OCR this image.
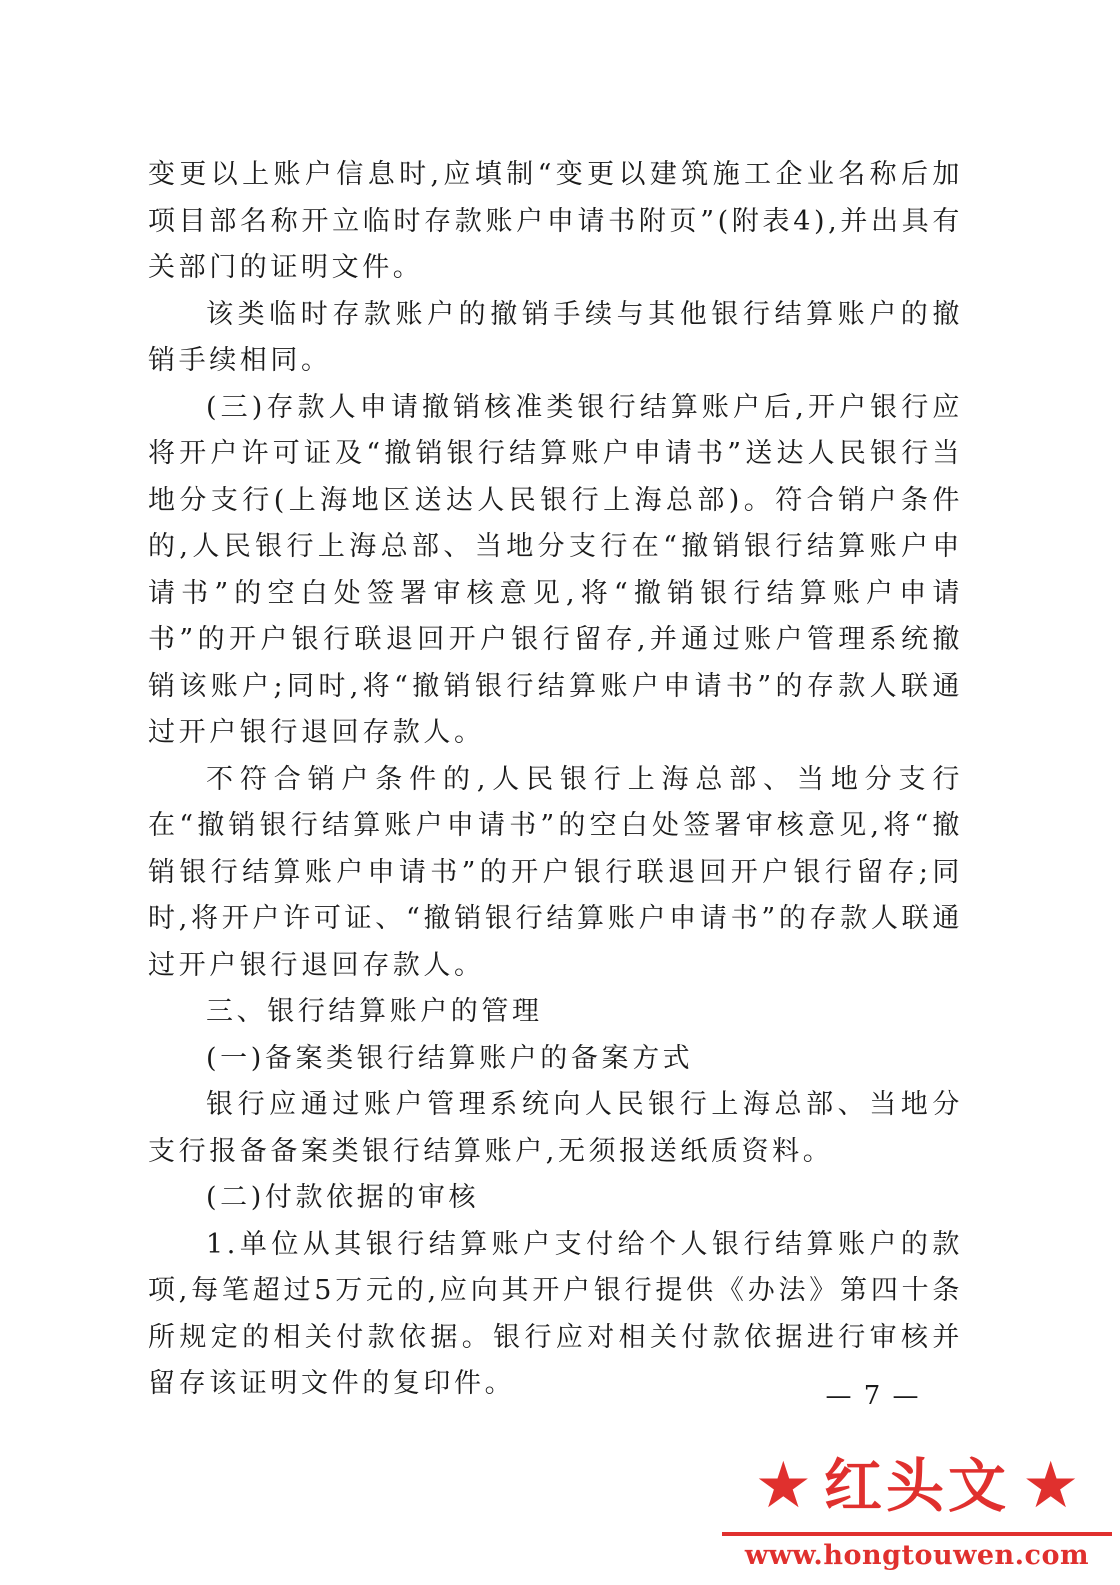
变更以上账户信息时,应填制“变更以建筑施工企业名称后加项目部名称开立临时存款账户申请书附页”(附表4),并出具有关部门的证明文件。

该类临时存款账户的撤销手续与其他银行结算账户的撤销手续相同。

(三)存款人申请撤销核准类银行结算账户后,开户银行应将开户许可证及“撤销银行结算账户申请书”送达人民银行当地分支行(上海地区送达人民银行上海总部)。符合销户条件的,人民银行上海总部、当地分支行在“撤销银行结算账户申请书”的空白处签署审核意见,将“撤销银行结算账户申请书”的开户银行联退回开户银行留存,并通过账户管理系统撤销该账户;同时,将“撤销银行结算账户申请书”的存款人联通过开户银行退回存款人。

不符合销户条件的,人民银行上海总部、当地分支行在“撤销银行结算账户申请书”的空白处签署审核意见,将“撤销银行结算账户申请书”的开户银行联退回开户银行留存;同时,将开户许可证、“撤销银行结算账户申请书”的存款人联通过开户银行退回存款人。

三、银行结算账户的管理

(一)备案类银行结算账户的备案方式

银行应通过账户管理系统向人民银行上海总部、当地分支行报备备案类银行结算账户,无须报送纸质资料。

(二)付款依据的审核

1.单位从其银行结算账户支付给个人银行结算账户的款项,每笔超过5万元的,应向其开户银行提供《办法》第四十条所规定的相关付款依据。银行应对相关付款依据进行审核并留存该证明文件的复印件。	— 7 —
★ 红头文 ★
www.hongtouwen.com
